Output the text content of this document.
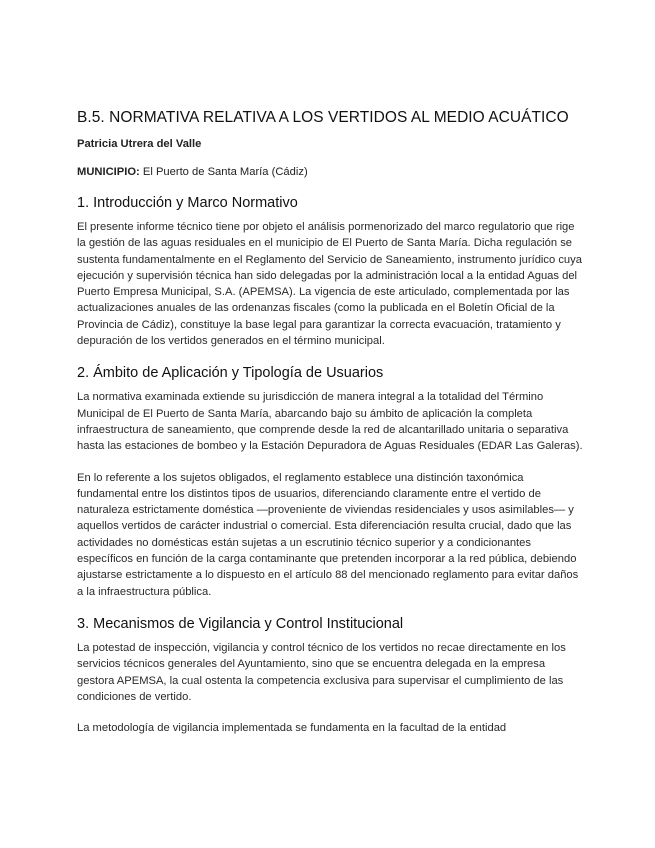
B.5. NORMATIVA RELATIVA A LOS VERTIDOS AL MEDIO ACUÁTICO
Patricia Utrera del Valle
MUNICIPIO: El Puerto de Santa María (Cádiz)
1. Introducción y Marco Normativo

El presente informe técnico tiene por objeto el análisis pormenorizado del marco regulatorio que rige la gestión de las aguas residuales en el municipio de El Puerto de Santa María. Dicha regulación se sustenta fundamentalmente en el Reglamento del Servicio de Saneamiento, instrumento jurídico cuya ejecución y supervisión técnica han sido delegadas por la administración local a la entidad Aguas del Puerto Empresa Municipal, S.A. (APEMSA). La vigencia de este articulado, complementada por las actualizaciones anuales de las ordenanzas fiscales (como la publicada en el Boletín Oficial de la Provincia de Cádiz), constituye la base legal para garantizar la correcta evacuación, tratamiento y depuración de los vertidos generados en el término municipal.

2. Ámbito de Aplicación y Tipología de Usuarios

La normativa examinada extiende su jurisdicción de manera integral a la totalidad del Término Municipal de El Puerto de Santa María, abarcando bajo su ámbito de aplicación la completa infraestructura de saneamiento, que comprende desde la red de alcantarillado unitaria o separativa hasta las estaciones de bombeo y la Estación Depuradora de Aguas Residuales (EDAR Las Galeras).

En lo referente a los sujetos obligados, el reglamento establece una distinción taxonómica fundamental entre los distintos tipos de usuarios, diferenciando claramente entre el vertido de naturaleza estrictamente doméstica —proveniente de viviendas residenciales y usos asimilables— y aquellos vertidos de carácter industrial o comercial. Esta diferenciación resulta crucial, dado que las actividades no domésticas están sujetas a un escrutinio técnico superior y a condicionantes específicos en función de la carga contaminante que pretenden incorporar a la red pública, debiendo ajustarse estrictamente a lo dispuesto en el artículo 88 del mencionado reglamento para evitar daños a la infraestructura pública.

3. Mecanismos de Vigilancia y Control Institucional

La potestad de inspección, vigilancia y control técnico de los vertidos no recae directamente en los servicios técnicos generales del Ayuntamiento, sino que se encuentra delegada en la empresa gestora APEMSA, la cual ostenta la competencia exclusiva para supervisar el cumplimiento de las condiciones de vertido.

La metodología de vigilancia implementada se fundamenta en la facultad de la entidad
